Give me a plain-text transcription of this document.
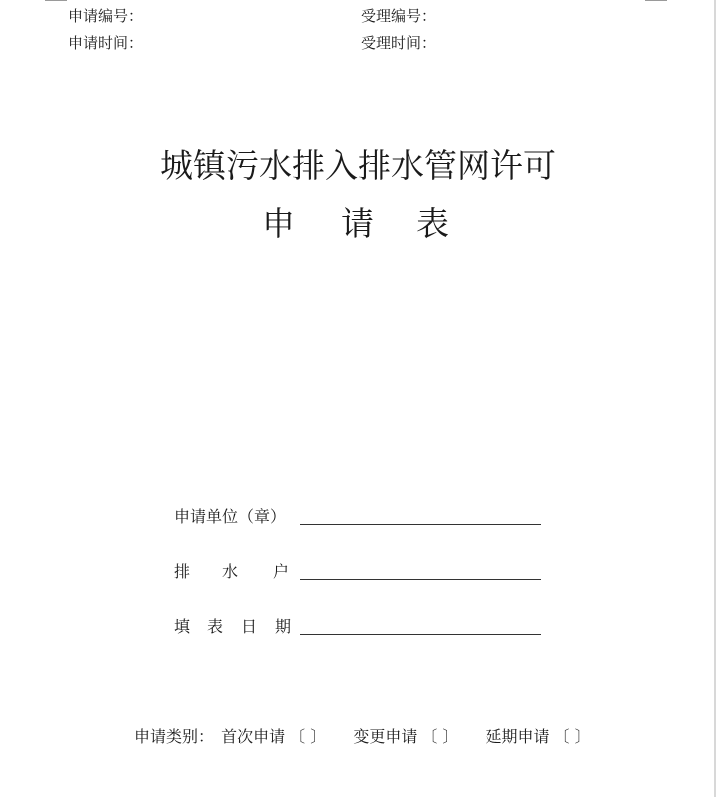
申请编号：	受理编号：
申请时间：	受理时间：
城镇污水排入排水管网许可
申 请 表
申请单位（章）
排 水 户
填 表 日 期
申请类别： 首次申请 〔 〕 变更申请 〔 〕 延期申请 〔 〕
